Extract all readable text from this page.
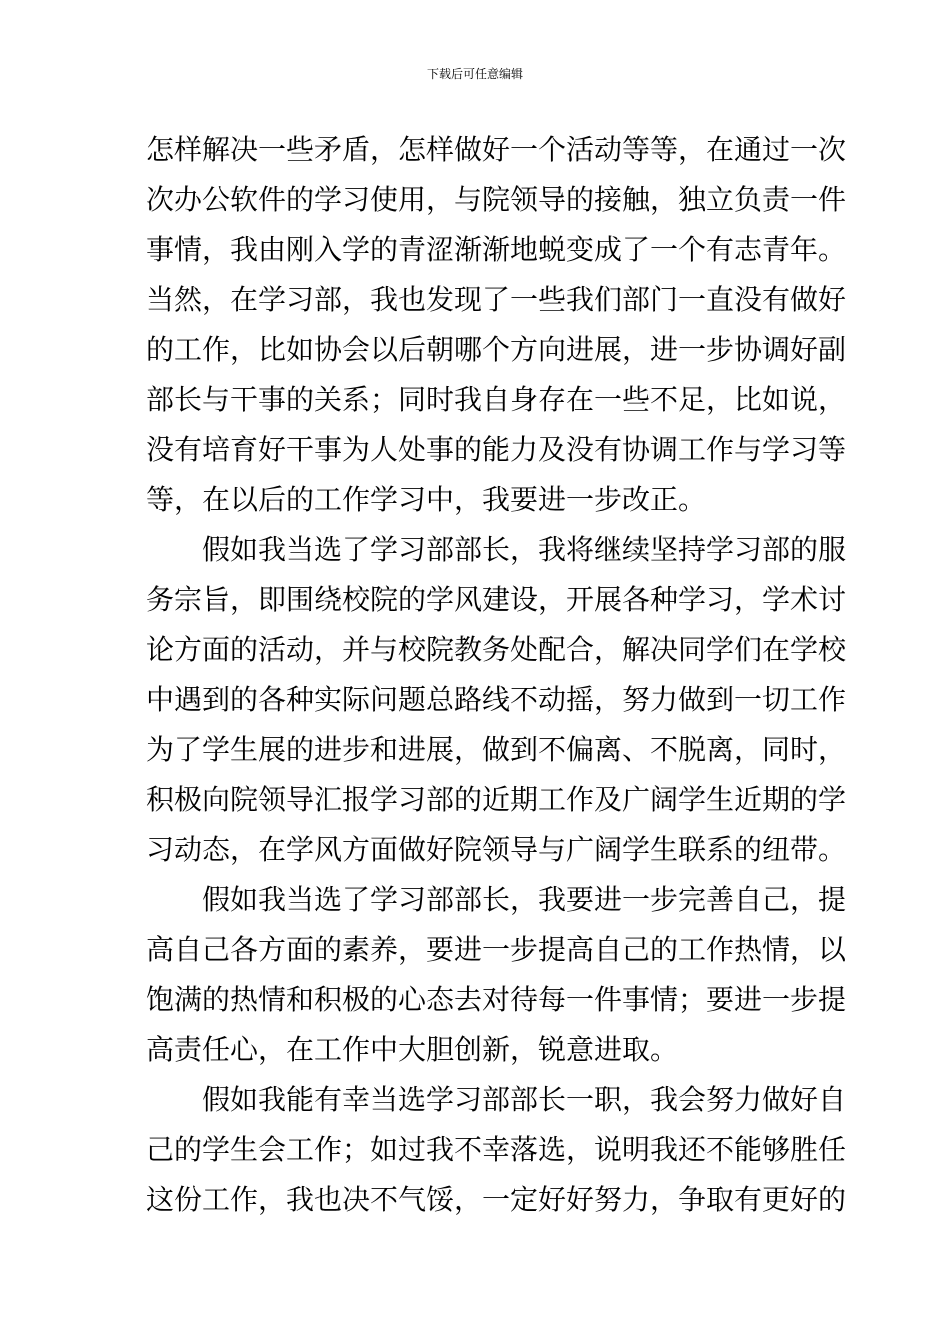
下载后可任意编辑
怎样解决一些矛盾，怎样做好一个活动等等，在通过一次
次办公软件的学习使用，与院领导的接触，独立负责一件
事情，我由刚入学的青涩渐渐地蜕变成了一个有志青年。
当然，在学习部，我也发现了一些我们部门一直没有做好
的工作，比如协会以后朝哪个方向进展，进一步协调好副
部长与干事的关系；同时我自身存在一些不足，比如说，
没有培育好干事为人处事的能力及没有协调工作与学习等
等，在以后的工作学习中，我要进一步改正。
假如我当选了学习部部长，我将继续坚持学习部的服
务宗旨，即围绕校院的学风建设，开展各种学习，学术讨
论方面的活动，并与校院教务处配合，解决同学们在学校
中遇到的各种实际问题总路线不动摇，努力做到一切工作
为了学生展的进步和进展，做到不偏离、不脱离，同时，
积极向院领导汇报学习部的近期工作及广阔学生近期的学
习动态，在学风方面做好院领导与广阔学生联系的纽带。
假如我当选了学习部部长，我要进一步完善自己，提
高自己各方面的素养，要进一步提高自己的工作热情，以
饱满的热情和积极的心态去对待每一件事情；要进一步提
高责任心，在工作中大胆创新，锐意进取。
假如我能有幸当选学习部部长一职，我会努力做好自
己的学生会工作；如过我不幸落选，说明我还不能够胜任
这份工作，我也决不气馁，一定好好努力，争取有更好的
